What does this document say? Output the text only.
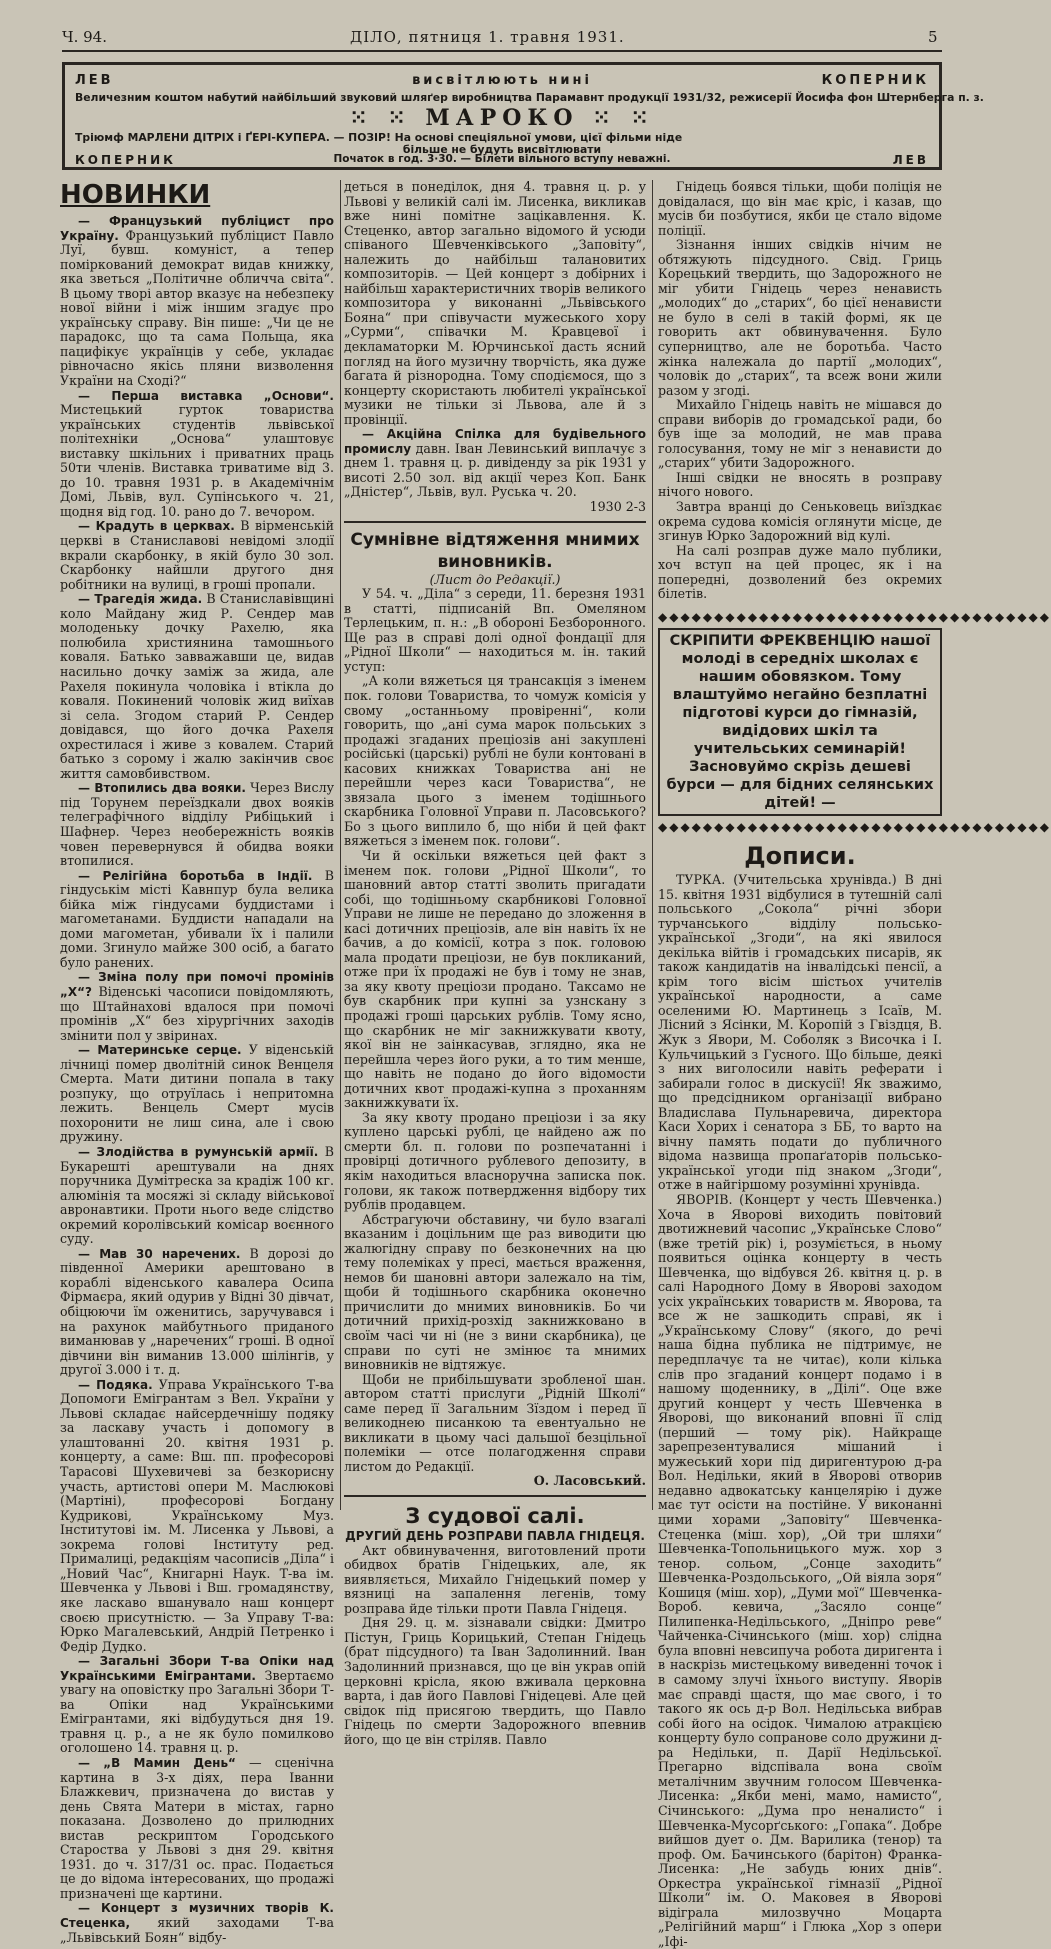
Ч. 94.	ДІЛО, пятниця 1. травня 1931.	5
ЛЕВ	висвітлюють нині	КОПЕРНИК
Величезним коштом набутий найбільший звуковий шляґер виробництва Парамавнт продукції 1931/32, режисерії Йосифа фон Штернберга п. з.
⁙ ⁙ МАРОКО ⁙ ⁙
Тріюмф МАРЛЕНИ ДІТРІХ і ҐЕРІ-КУПЕРА. — ПОЗІР! На основі спеціяльної умови, цієї фільми ніде
більше не будуть висвітлювати
КОПЕРНИК	Початок в год. 3·30. — Білети вільного вступу неважні.	ЛЕВ
НОВИНКИ

— Французький публіцист про Україну. Французький публіцист Павло Луї, бувш. комуніст, а тепер поміркований демократ видав книжку, яка зветься „Політичне обличча світа“. В цьому творі автор вказує на небезпеку нової війни і між іншим згадує про українську справу. Він пише: „Чи це не парадокс, що та сама Польща, яка пацифікує українців у себе, укладає рівночасно якісь пляни визволення України на Сході?“

— Перша виставка „Основи“. Мистецький гурток товариства українських студентів львівської політехніки „Основа“ улаштовує виставку шкільних і приватних праць 50ти членів. Виставка триватиме від 3. до 10. травня 1931 р. в Академічнім Домі, Львів, вул. Супінського ч. 21, щодня від год. 10. рано до 7. вечором.

— Крадуть в церквах. В вірменській церкві в Станиславові невідомі злодії вкрали скарбонку, в якій було 30 зол. Скарбонку найшли другого дня робітники на вулиці, в гроші пропали.

— Трагедія жида. В Станиславівщині коло Майдану жид Р. Сендер мав молоденьку дочку Рахелю, яка полюбила християнина тамошнього коваля. Батько завважавши це, видав насильно дочку заміж за жида, але Рахеля покинула чоловіка і втікла до коваля. Покинений чоловік жид виїхав зі села. Згодом старий Р. Сендер довідався, що його дочка Рахеля охрестилася і живе з ковалем. Старий батько з сорому і жалю закінчив своє життя самовбивством.

— Втопились два вояки. Через Вислу під Торунем переїздкали двох вояків телеграфічного відділу Рибіцький і Шафнер. Через необережність вояків човен перевернувся й обидва вояки втопилися.

— Релігійна боротьба в Індії. В гіндуськім місті Кавнпур була велика бійка між гіндусами буддистами і магометанами. Буддисти нападали на доми магометан, убивали їх і палили доми. Згинуло майже 300 осіб, а багато було ранених.

— Зміна полу при помочі промінів „X“? Віденські часописи повідомляють, що Штайнахові вдалося при помочі промінів „X“ без хірургічних заходів змінити пол у звіринах.

— Материнське серце. У віденській лічниці помер дволітній синок Венцеля Смерта. Мати дитини попала в таку розпуку, що отруїлась і непритомна лежить. Венцель Смерт мусів похоронити не лиш сина, але і свою дружину.

— Злодійства в румунській армії. В Букарешті арештували на днях поручника Думітреска за крадіж 100 кг. алюмінія та мосяжі зі складу військової авронавтики. Проти нього веде слідство окремий королівський комісар воєнного суду.

— Мав 30 наречених. В дорозі до південної Америки арештовано в кораблі віденського кавалера Осипа Фірмаєра, який одурив у Відні 30 дівчат, обіцюючи їм оженитись, заручувався і на рахунок майбутнього приданого виманював у „наречених“ гроші. В одної дівчини він виманив 13.000 шілінгів, у другої 3.000 і т. д.

— Подяка. Управа Українського Т-ва Допомоги Емігрантам з Вел. України у Львові складає найсердечнішу подяку за ласкаву участь і допомогу в улаштованні 20. квітня 1931 р. концерту, а саме: Вш. пп. професорові Тарасові Шухевичеві за безкорисну участь, артистові опери М. Маслюкові (Мартіні), професорові Богдану Кудрикові, Українському Муз. Інститутові ім. М. Лисенка у Львові, а зокрема голові Інституту ред. Прималиці, редакціям часописів „Діла“ і „Новий Час“, Книгарні Наук. Т-ва ім. Шевченка у Львові і Вш. громадянству, яке ласкаво вшанувало наш концерт своєю присутністю. — За Управу Т-ва: Юрко Магалевський, Андрій Петренко і Федір Дудко.

— Загальні Збори Т-ва Опіки над Українськими Емігрантами. Звертаємо увагу на оповістку про Загальні Збори Т-ва Опіки над Українськими Емігрантами, які відбудуться дня 19. травня ц. р., а не як було помилково оголошено 14. травня ц. р.

— „В Мамин День“ — сценічна картина в 3-х діях, пера Іванни Блажкевич, призначена до вистав у день Свята Матери в містах, гарно показана. Дозволено до прилюдних вистав рескриптом Городського Староства у Львові з дня 29. квітня 1931. до ч. 317/31 ос. прас. Подається це до відома інтересованих, що продажі призначені ще картини.

— Концерт з музичних творів К. Стеценка, який заходами Т-ва „Львівський Боян“ відбу-

деться в понеділок, дня 4. травня ц. р. у Львові у великій салі ім. Лисенка, викликав вже нині помітне зацікавлення. К. Стеценко, автор загально відомого й усюди співаного Шевченківського „Заповіту“, належить до найбільш талановитих композиторів. — Цей концерт з добірних і найбільш характеристичних творів великого композитора у виконанні „Львівського Бояна“ при співучасти мужеського хору „Сурми“, співачки М. Кравцевої і декламаторки М. Юрчинської дасть ясний погляд на його музичну творчість, яка дуже багата й різнородна. Тому сподіємося, що з концерту скористають любителі української музики не тільки зі Львова, але й з провінції.

— Акційна Спілка для будівельного промислу давн. Іван Левинський виплачує з днем 1. травня ц. р. дивіденду за рік 1931 у висоті 2.50 зол. від акції через Коп. Банк „Дністер“, Львів, вул. Руська ч. 20.

1930 2-3
Сумнівне відтяження мнимих виновників.
(Лист до Редакції.)

У 54. ч. „Діла“ з середи, 11. березня 1931 в статті, підписаній Вп. Омеляном Терлецьким, п. н.: „В обороні Безборонного. Ще раз в справі долі одної фондації для „Рідної Школи“ — находиться м. ін. такий уступ:

„А коли вяжеться ця трансакція з іменем пок. голови Товариства, то чомуж комісія у свому „останньому провіренні“, коли говорить, що „ані сума марок польських з продажі згаданих преціозів ані закуплені російські (царські) рублі не були контовані в касових книжках Товариства ані не перейшли через каси Товариства“, не звязала цього з іменем тодішнього скарбника Головної Управи п. Ласовського? Бо з цього виплило б, що ніби й цей факт вяжеться з іменем пок. голови“.

Чи й оскільки вяжеться цей факт з іменем пок. голови „Рідної Школи“, то шановний автор статті зволить пригадати собі, що тодішньому скарбникові Головної Управи не лише не передано до зложення в касі дотичних преціозів, але він навіть їх не бачив, а до комісії, котра з пок. головою мала продати преціози, не був покликаний, отже при їх продажі не був і тому не знав, за яку квоту преціози продано. Таксамо не був скарбник при купні за узнскану з продажі гроші царських рублів. Тому ясно, що скарбник не міг закнижкувати квоту, якої він не заінкасував, зглядно, яка не перейшла через його руки, а то тим менше, що навіть не подано до його відомости дотичних квот продажі-купна з проханням закнижкувати їх.

За яку квоту продано преціози і за яку куплено царські рублі, це найдено аж по смерти бл. п. голови по розпечатанні і провірці дотичного рублевого депозиту, в якім находиться власноручна записка пок. голови, як також потвердження відбору тих рублів продавцем.

Абстрагуючи обставину, чи було взагалі вказаним і доцільним ще раз виводити цю жалюгідну справу по безконечних на цю тему полеміках у пресі, мається враження, немов би шановні автори залежало на тім, щоби й тодішнього скарбника оконечно причислити до мнимих виновників. Бо чи дотичний прихід-розхід закнижковано в своїм часі чи ні (не з вини скарбника), це справи по суті не змінює та мнимих виновників не відтяжує.

Щоби не прибільшувати зробленої шан. автором статті прислуги „Рідній Школі“ саме перед її Загальним Зїздом і перед її великоднею писанкою та евентуально не викликати в цьому часі дальшої безцільної полеміки — отсе полагодження справи листом до Редакції.

О. Ласовський.
З судової салі.
ДРУГИЙ ДЕНЬ РОЗПРАВИ ПАВЛА ГНІДЕЦЯ.

Акт обвинувачення, виготовлений проти обидвох братів Гнідецьких, але, як виявляється, Михайло Гнідецький помер у вязниці на запалення легенів, тому розправа йде тільки проти Павла Гнідеця.

Дня 29. ц. м. зізнавали свідки: Дмитро Пістун, Гриць Корицький, Степан Гнідець (брат підсудного) та Іван Задолинний. Іван Задолинний признався, що це він украв опій церковні крісла, якою вживала церковна варта, і дав його Павлові Гнідецеві. Але цей свідок під присягою твердить, що Павло Гнідець по смерти Задорожного впевнив його, що це він стріляв. Павло

Гнідець боявся тільки, щоби поліція не довідалася, що він має кріс, і казав, що мусів би позбутися, якби це стало відоме поліції.

Зізнання інших свідків нічим не обтяжують підсудного. Свід. Гриць Корецький твердить, що Задорожного не міг убити Гнідець через ненависть „молодих“ до „старих“, бо цієї ненависти не було в селі в такій формі, як це говорить акт обвинувачення. Було суперництво, але не боротьба. Часто жінка належала до партії „молодих“, чоловік до „старих“, та всеж вони жили разом у згоді.

Михайло Гнідець навіть не мішався до справи виборів до громадської ради, бо був іще за молодий, не мав права голосування, тому не міг з ненависти до „старих“ убити Задорожного.

Інші свідки не вносять в розправу нічого нового.

Завтра вранці до Сеньковець виїздкає окрема судова комісія оглянути місце, де згинув Юрко Задорожний від кулі.

На салі розправ дуже мало публики, хоч вступ на цей процес, як і на попередні, дозволений без окремих білетів.

◆◆◆◆◆◆◆◆◆◆◆◆◆◆◆◆◆◆◆◆◆◆◆◆◆◆◆◆◆◆◆◆◆◆◆
СКРІПИТИ ФРЕКВЕНЦІЮ нашої молоді в середніх школах є нашим обовязком. Тому влаштуймо негайно безплатні підготові курси до гімназій, видідових шкіл та учительських семинарій! Засновуймо скрізь дешеві бурси — для бідних селянських дітей! —
◆◆◆◆◆◆◆◆◆◆◆◆◆◆◆◆◆◆◆◆◆◆◆◆◆◆◆◆◆◆◆◆◆◆◆
Дописи.

ТУРКА. (Учительська хрунівда.) В дні 15. квітня 1931 відбулися в тутешній салі польського „Сокола“ річні збори турчанського відділу польсько-української „Згоди“, на які явилося декілька війтів і громадських писарів, як також кандидатів на інвалідські пенсії, а крім того вісім шістьох учителів української народности, а саме оселеними Ю. Мартинець з Ісаїв, М. Лісний з Ясінки, М. Коропій з Гвіздця, В. Жук з Явори, М. Соболяк з Височка і І. Кульчицький з Гусного. Що більше, деякі з них виголосили навіть реферати і забирали голос в дискусії! Як зважимо, що предсідником організації вибрано Владислава Пульнаревича, директора Каси Хорих і сенатора з ББ, то варто на вічну память подати до публичного відома назвища пропаґаторів польсько-української угоди під знаком „Згоди“, отже в найгіршому розумінні хрунівда.

ЯВОРІВ. (Концерт у честь Шевченка.) Хоча в Яворові виходить повітовий двотижневий часопис „Українське Слово“ (вже третій рік) і, розуміється, в ньому появиться оцінка концерту в честь Шевченка, що відбувся 26. квітня ц. р. в салі Народного Дому в Яворові заходом усіх українських товариств м. Яворова, та все ж не зашкодить справі, як і „Українському Слову“ (якого, до речі нашa бідна публика не підтримує, не передплачує та не читає), коли кілька слів про згаданий концерт подамо і в нашому щоденнику, в „Ділі“. Оце вже другий концерт у честь Шевченка в Яворові, що виконаний вповні її слід (перший — тому рік). Найкраще зарепрезентувалися мішаний і мужеський хори під диригентурою д-ра Вол. Недільки, який в Яворові отворив недавно адвокатську канцелярію і дуже має тут осісти на постійне. У виконанні цими хорами „Заповіту“ Шевченка-Стеценка (міш. хор), „Ой три шляхи“ Шевченка-Топольницького муж. хор з тенор. сольом, „Сонце заходить“ Шевченка-Роздольського, „Ой віяла зоря“ Кошиця (міш. хор), „Думи мої“ Шевченка-Вороб. кевича, „Засяло сонце“ Пилипенка-Недільського, „Дніпро реве“ Чайченка-Січинського (міш. хор) слідна була вповні невсипуча робота диригента і в наскрізь мистецькому виведенні точок і в самому злучі їхнього виступу. Яворів має справді щастя, що має свого, і то такого як ось д-р Вол. Недільська вибрав собі його на осідок. Чималою атракцією концерту було сопранове соло дружини д-ра Недільки, п. Дарії Недільської. Прегарно відспівала вона своїм металічним звучним голосом Шевченка-Лисенка: „Якби мені, мамо, намисто“, Січинського: „Дума про неналисто“ і Шевченка-Мусорґського: „Гопака“. Добре вийшов дует о. Дм. Варилика (тенор) та проф. Ом. Бачинського (барітон) Франка-Лисенка: „Не забудь юних днів“. Оркестра української гімназії „Рідної Школи“ ім. О. Маковея в Яворові відіграла милозвучно Моцарта „Релігійний марш“ і Глюка „Хор з опери „Іфі-
